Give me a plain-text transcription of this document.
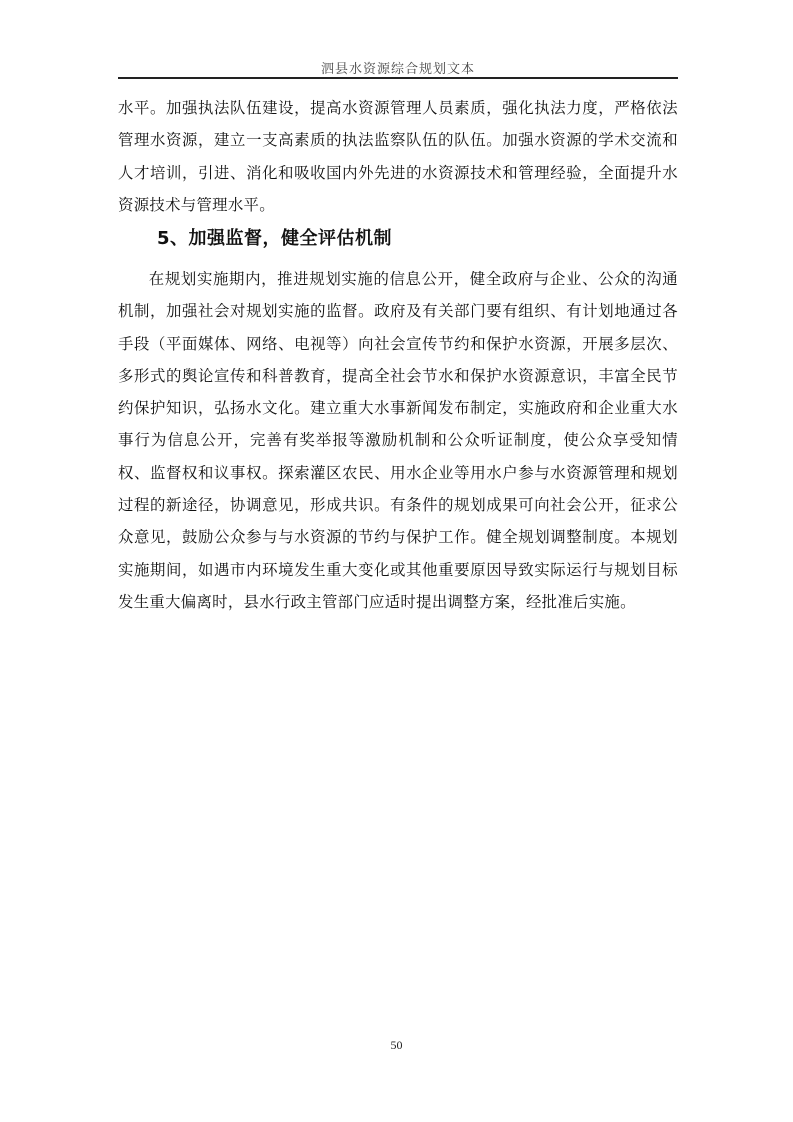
泗县水资源综合规划文本

水平。加强执法队伍建设，提高水资源管理人员素质，强化执法力度，严格依法管理水资源，建立一支高素质的执法监察队伍的队伍。加强水资源的学术交流和人才培训，引进、消化和吸收国内外先进的水资源技术和管理经验，全面提升水资源技术与管理水平。

5、加强监督，健全评估机制

在规划实施期内，推进规划实施的信息公开，健全政府与企业、公众的沟通机制，加强社会对规划实施的监督。政府及有关部门要有组织、有计划地通过各手段（平面媒体、网络、电视等）向社会宣传节约和保护水资源，开展多层次、多形式的舆论宣传和科普教育，提高全社会节水和保护水资源意识，丰富全民节约保护知识，弘扬水文化。建立重大水事新闻发布制定，实施政府和企业重大水事行为信息公开，完善有奖举报等激励机制和公众听证制度，使公众享受知情权、监督权和议事权。探索灌区农民、用水企业等用水户参与水资源管理和规划过程的新途径，协调意见，形成共识。有条件的规划成果可向社会公开，征求公众意见，鼓励公众参与与水资源的节约与保护工作。健全规划调整制度。本规划实施期间，如遇市内环境发生重大变化或其他重要原因导致实际运行与规划目标发生重大偏离时，县水行政主管部门应适时提出调整方案，经批准后实施。

50
